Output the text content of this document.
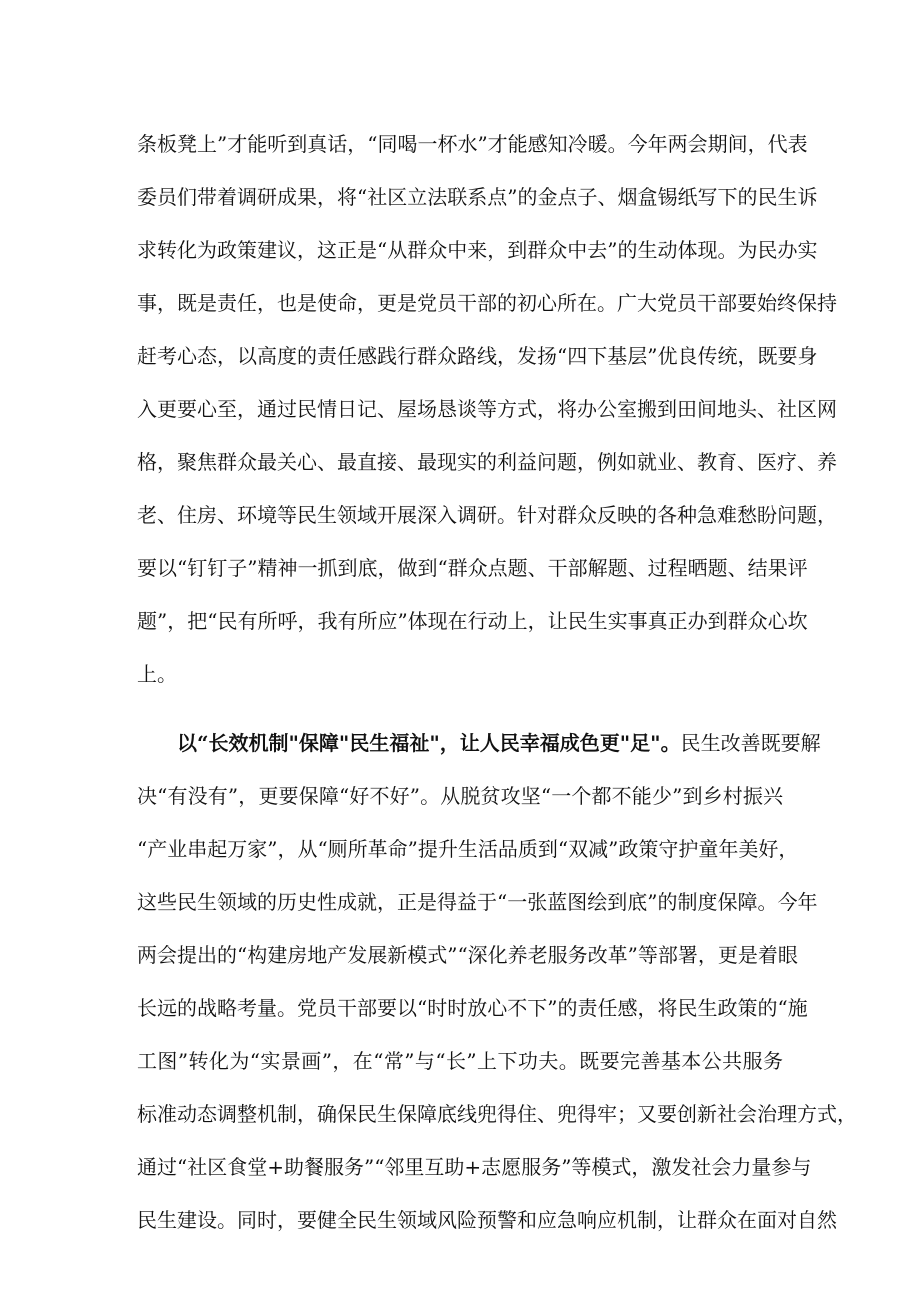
条板凳上”才能听到真话，“同喝一杯水”才能感知冷暖。今年两会期间，代表
委员们带着调研成果，将“社区立法联系点”的金点子、烟盒锡纸写下的民生诉
求转化为政策建议，这正是“从群众中来，到群众中去”的生动体现。为民办实
事，既是责任，也是使命，更是党员干部的初心所在。广大党员干部要始终保持
赶考心态，以高度的责任感践行群众路线，发扬“四下基层”优良传统，既要身
入更要心至，通过民情日记、屋场恳谈等方式，将办公室搬到田间地头、社区网
格，聚焦群众最关心、最直接、最现实的利益问题，例如就业、教育、医疗、养
老、住房、环境等民生领域开展深入调研。针对群众反映的各种急难愁盼问题，
要以“钉钉子”精神一抓到底，做到“群众点题、干部解题、过程晒题、结果评
题”，把“民有所呼，我有所应”体现在行动上，让民生实事真正办到群众心坎
上。
以“长效机制"保障"民生福祉"，让人民幸福成色更"足"。民生改善既要解
决“有没有”，更要保障“好不好”。从脱贫攻坚“一个都不能少”到乡村振兴
“产业串起万家”，从“厕所革命”提升生活品质到“双减”政策守护童年美好，
这些民生领域的历史性成就，正是得益于“一张蓝图绘到底”的制度保障。今年
两会提出的“构建房地产发展新模式”“深化养老服务改革”等部署，更是着眼
长远的战略考量。党员干部要以“时时放心不下”的责任感，将民生政策的“施
工图”转化为“实景画”，在“常”与“长”上下功夫。既要完善基本公共服务
标准动态调整机制，确保民生保障底线兜得住、兜得牢；又要创新社会治理方式，
通过“社区食堂+助餐服务”“邻里互助+志愿服务”等模式，激发社会力量参与
民生建设。同时，要健全民生领域风险预警和应急响应机制，让群众在面对自然
